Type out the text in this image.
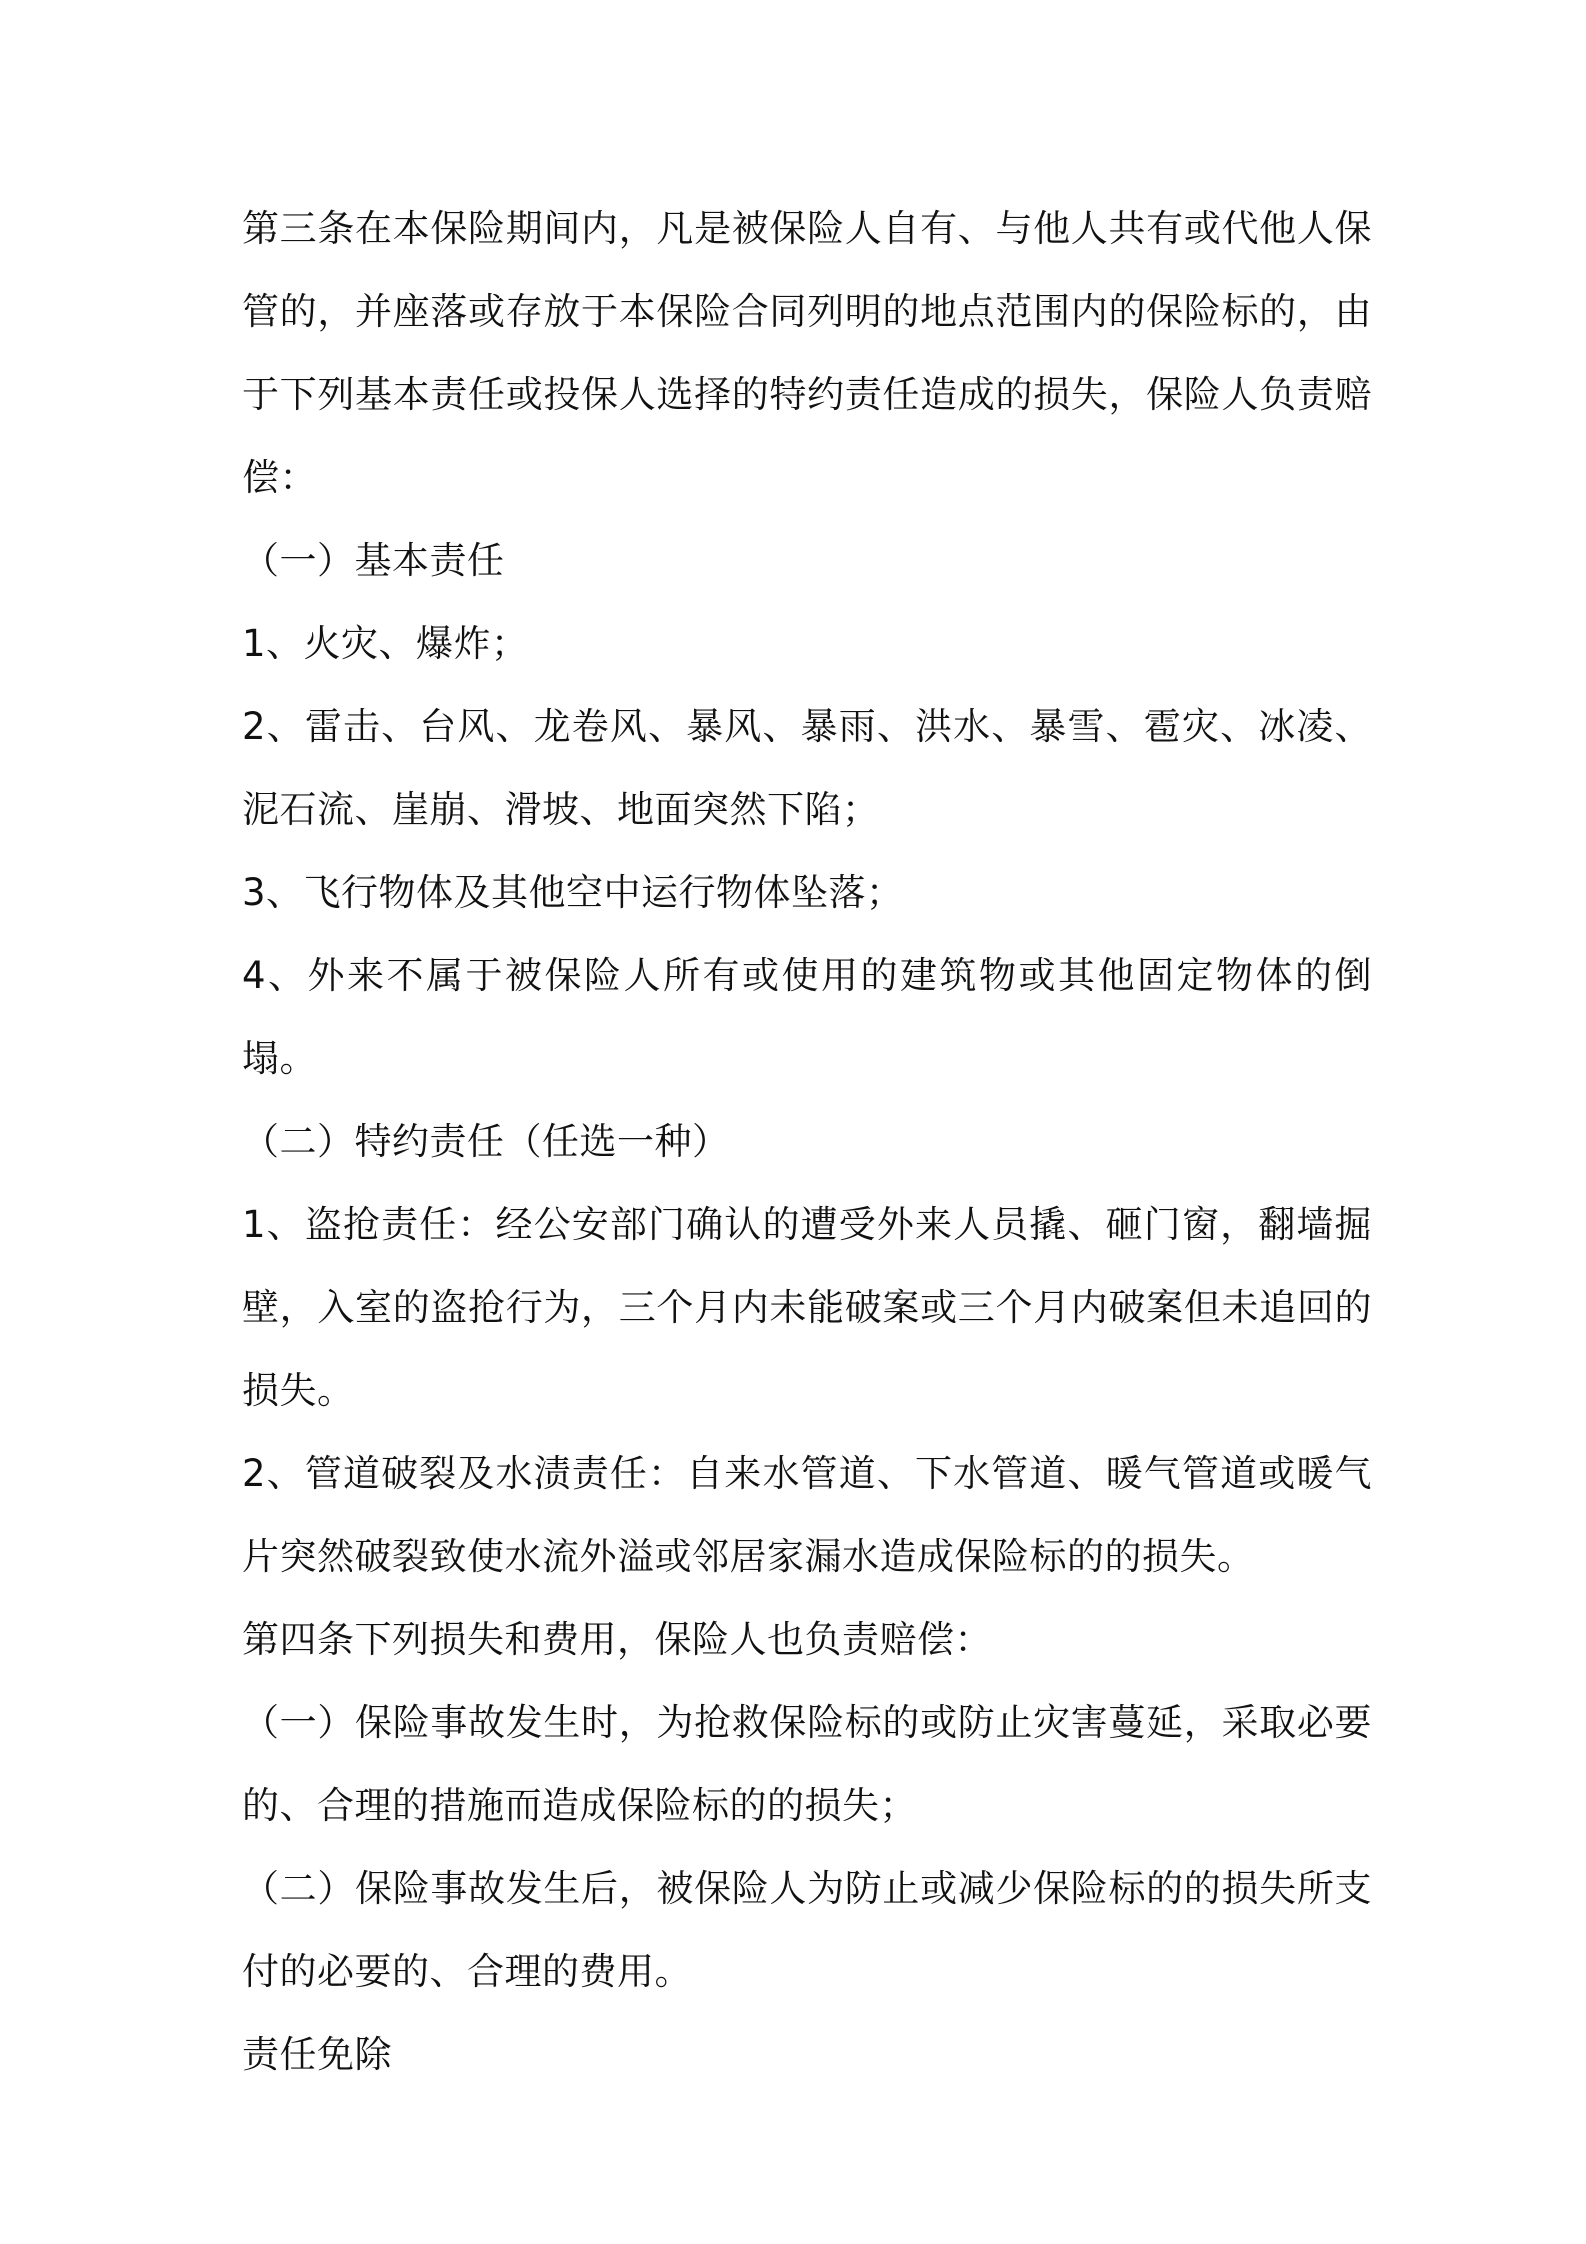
第三条在本保险期间内，凡是被保险人自有、与他人共有或代他人保管的，并座落或存放于本保险合同列明的地点范围内的保险标的，由于下列基本责任或投保人选择的特约责任造成的损失，保险人负责赔偿：

（一）基本责任

1、火灾、爆炸；

2、雷击、台风、龙卷风、暴风、暴雨、洪水、暴雪、雹灾、冰凌、泥石流、崖崩、滑坡、地面突然下陷；

3、飞行物体及其他空中运行物体坠落；

4、外来不属于被保险人所有或使用的建筑物或其他固定物体的倒塌。

（二）特约责任（任选一种）

1、盗抢责任：经公安部门确认的遭受外来人员撬、砸门窗，翻墙掘壁，入室的盗抢行为，三个月内未能破案或三个月内破案但未追回的损失。

2、管道破裂及水渍责任：自来水管道、下水管道、暖气管道或暖气片突然破裂致使水流外溢或邻居家漏水造成保险标的的损失。

第四条下列损失和费用，保险人也负责赔偿：

（一）保险事故发生时，为抢救保险标的或防止灾害蔓延，采取必要的、合理的措施而造成保险标的的损失；

（二）保险事故发生后，被保险人为防止或减少保险标的的损失所支付的必要的、合理的费用。

责任免除
